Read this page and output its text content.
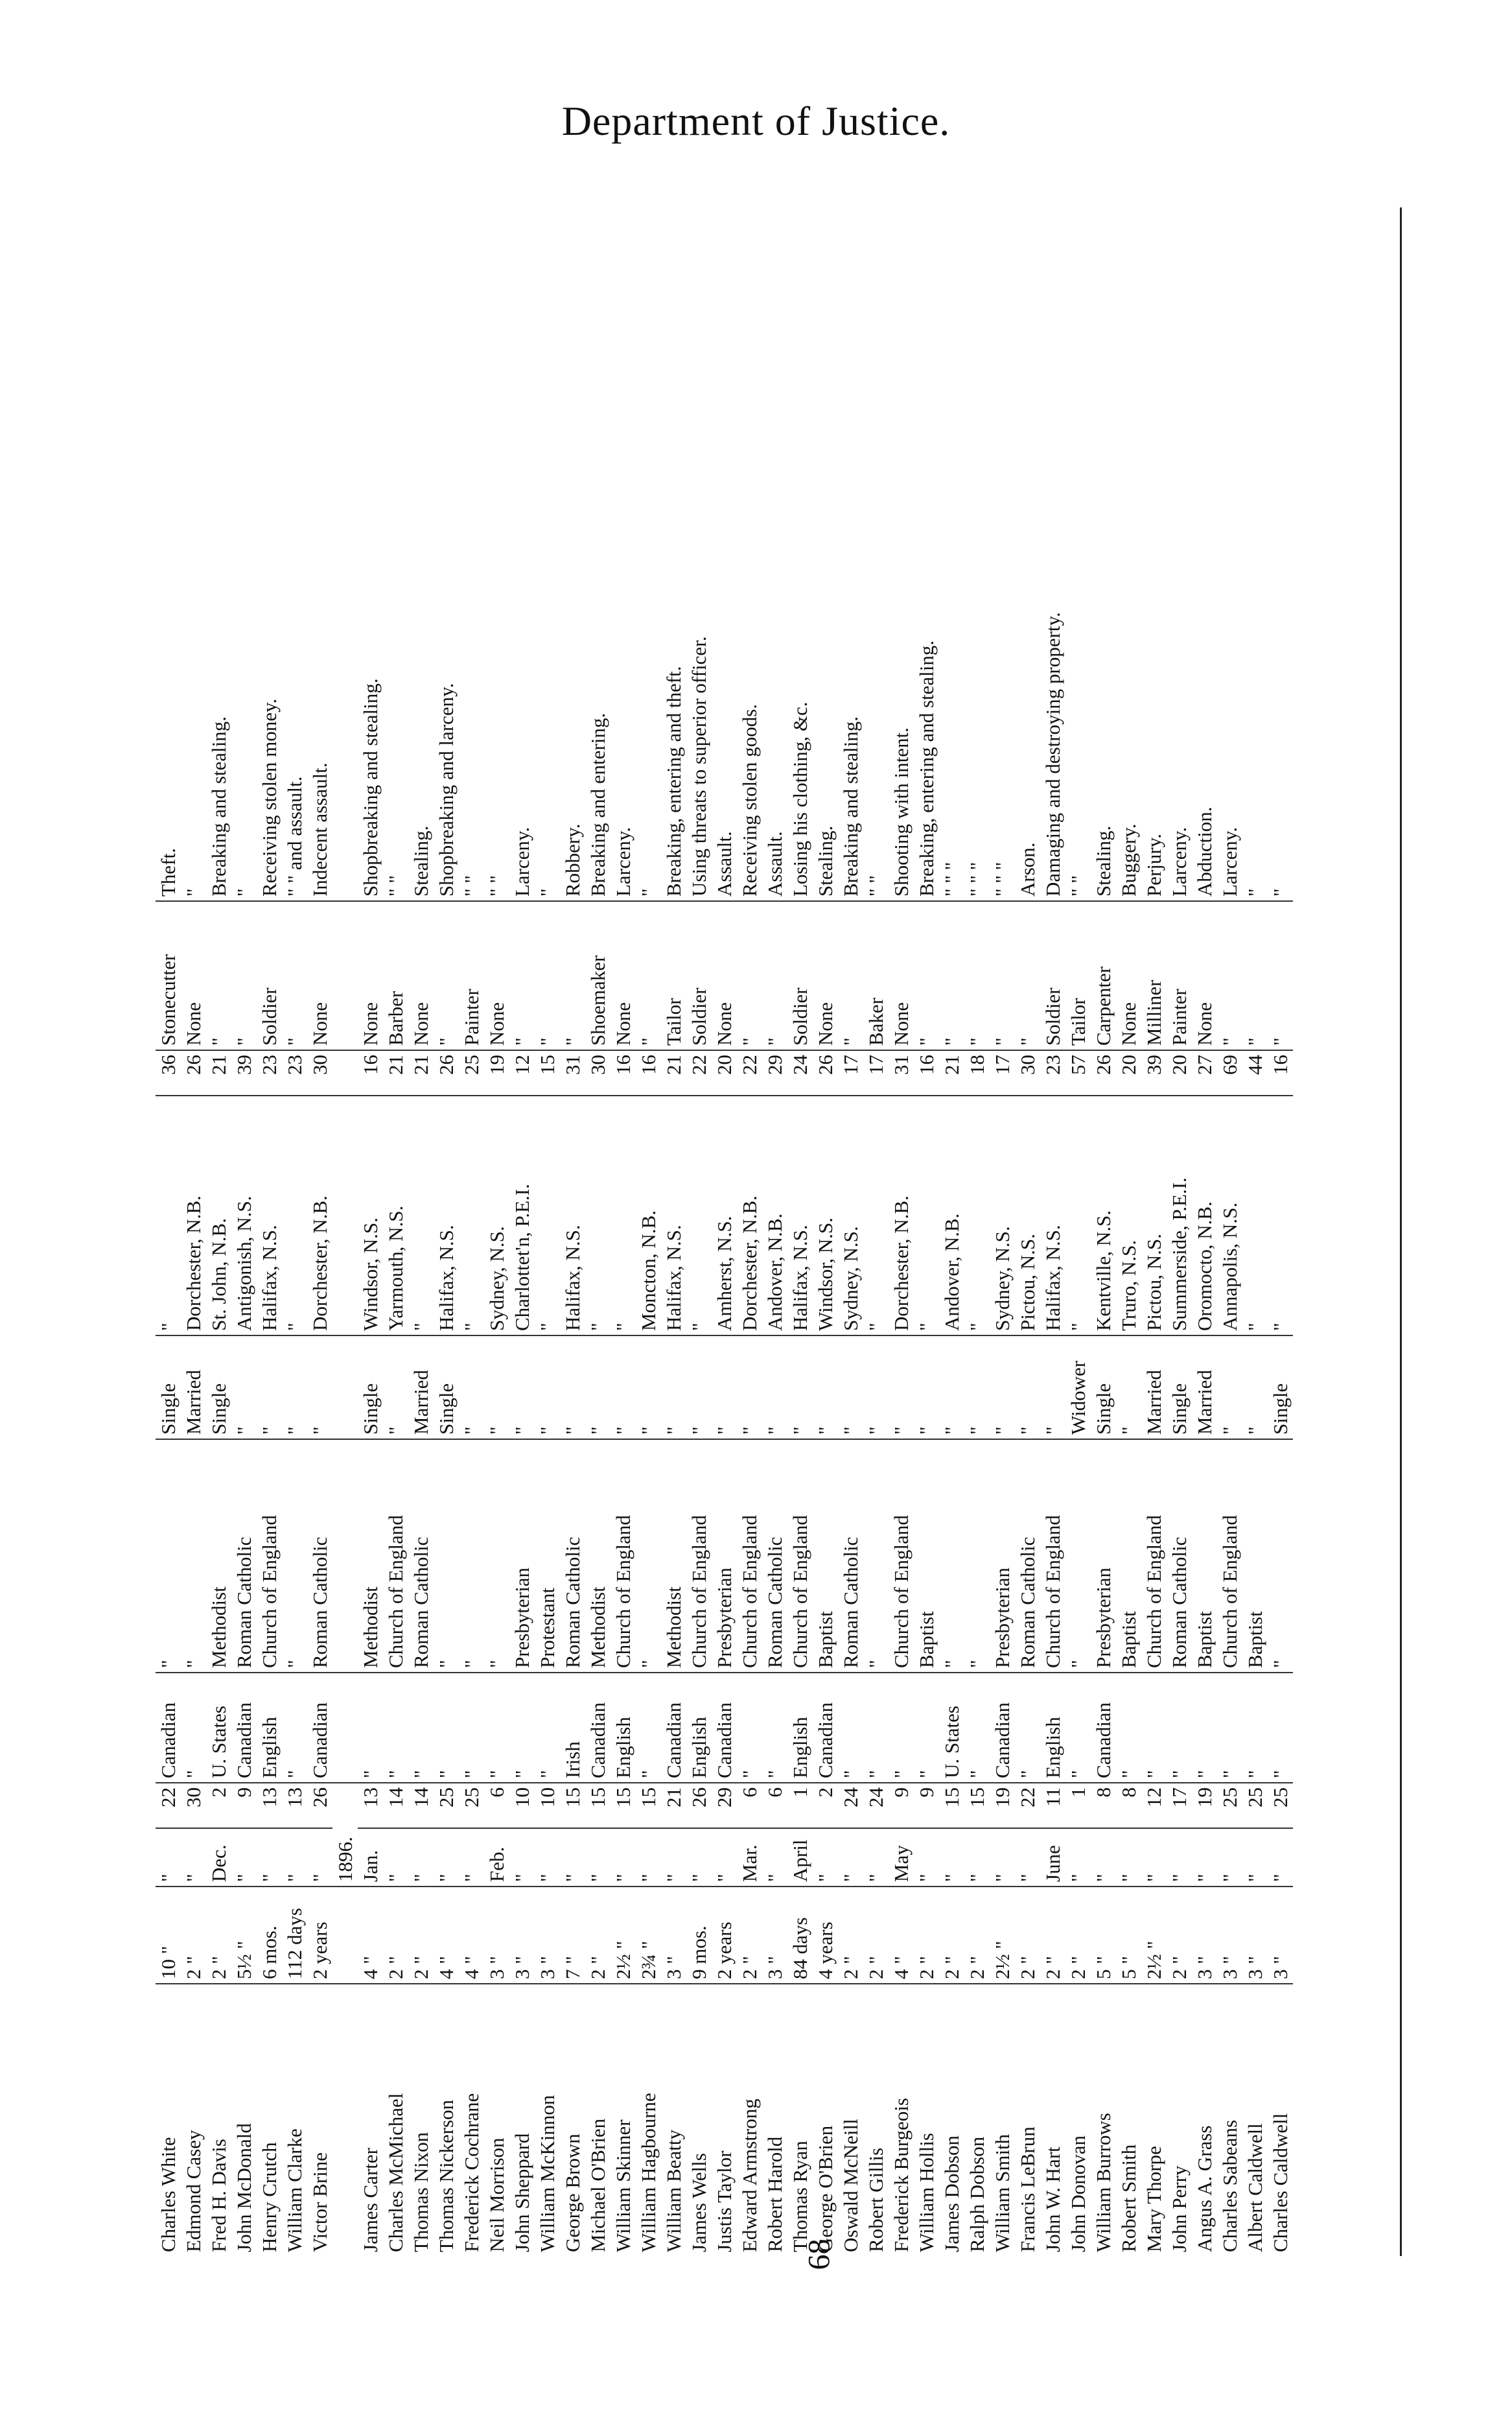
Department of Justice.
Charles White	10 "	"	22	Canadian	"	Single	"	36	Stonecutter	Theft.
Edmond Casey	2 "	"	30	"	"	Married	Dorchester, N.B.	26	None	"
Fred H. Davis	2 "	Dec.	2	U. States	Methodist	Single	St. John, N.B.	21	"	Breaking and stealing.
John McDonald	5½ "	"	9	Canadian	Roman Catholic	"	Antigonish, N.S.	39	"	"
Henry Crutch	6 mos.	"	13	English	Church of England	"	Halifax, N.S.	23	Soldier	Receiving stolen money.
William Clarke	112 days	"	13	"	"	"	"	23	"	" " and assault.
Victor Brine	2 years	"	26	Canadian	Roman Catholic	"	Dorchester, N.B.	30	None	Indecent assault.
		1896.								
James Carter	4 "	Jan.	13	"	Methodist	Single	Windsor, N.S.	16	None	Shopbreaking and stealing.
Charles McMichael	2 "	"	14	"	Church of England	"	Yarmouth, N.S.	21	Barber	" "
Thomas Nixon	2 "	"	14	"	Roman Catholic	Married	"	21	None	Stealing.
Thomas Nickerson	4 "	"	25	"	"	Single	Halifax, N.S.	26	"	Shopbreaking and larceny.
Frederick Cochrane	4 "	"	25	"	"	"	"	25	Painter	" "
Neil Morrison	3 "	Feb.	6	"	"	"	Sydney, N.S.	19	None	" "
John Sheppard	3 "	"	10	"	Presbyterian	"	Charlottet'n, P.E.I.	12	"	Larceny.
William McKinnon	3 "	"	10	"	Protestant	"	"	15	"	"
George Brown	7 "	"	15	Irish	Roman Catholic	"	Halifax, N.S.	31	"	Robbery.
Michael O'Brien	2 "	"	15	Canadian	Methodist	"	"	30	Shoemaker	Breaking and entering.
William Skinner	2½ "	"	15	English	Church of England	"	"	16	None	Larceny.
William Hagbourne	2¾ "	"	15	"	"	"	Moncton, N.B.	16	"	"
William Beatty	3 "	"	21	Canadian	Methodist	"	Halifax, N.S.	21	Tailor	Breaking, entering and theft.
James Wells	9 mos.	"	26	English	Church of England	"	"	22	Soldier	Using threats to superior officer.
Justis Taylor	2 years	"	29	Canadian	Presbyterian	"	Amherst, N.S.	20	None	Assault.
Edward Armstrong	2 "	Mar.	6	"	Church of England	"	Dorchester, N.B.	22	"	Receiving stolen goods.
Robert Harold	3 "	"	6	"	Roman Catholic	"	Andover, N.B.	29	"	Assault.
Thomas Ryan	84 days	April	1	English	Church of England	"	Halifax, N.S.	24	Soldier	Losing his clothing, &c.
George O'Brien	4 years	"	2	Canadian	Baptist	"	Windsor, N.S.	26	None	Stealing.
Oswald McNeill	2 "	"	24	"	Roman Catholic	"	Sydney, N.S.	17	"	Breaking and stealing.
Robert Gillis	2 "	"	24	"	"	"	"	17	Baker	" "
Frederick Burgeois	4 "	May	9	"	Church of England	"	Dorchester, N.B.	31	None	Shooting with intent.
William Hollis	2 "	"	9	"	Baptist	"	"	16	"	Breaking, entering and stealing.
James Dobson	2 "	"	15	U. States	"	"	Andover, N.B.	21	"	" " "
Ralph Dobson	2 "	"	15	"	"	"	"	18	"	" " "
William Smith	2½ "	"	19	Canadian	Presbyterian	"	Sydney, N.S.	17	"	" " "
Francis LeBrun	2 "	"	22	"	Roman Catholic	"	Pictou, N.S.	30	"	Arson.
John W. Hart	2 "	June	11	English	Church of England	"	Halifax, N.S.	23	Soldier	Damaging and destroying property.
John Donovan	2 "	"	1	"	"	Widower	"	57	Tailor	" "
William Burrows	5 "	"	8	Canadian	Presbyterian	Single	Kentville, N.S.	26	Carpenter	Stealing.
Robert Smith	5 "	"	8	"	Baptist	"	Truro, N.S.	20	None	Buggery.
Mary Thorpe	2½ "	"	12	"	Church of England	Married	Pictou, N.S.	39	Milliner	Perjury.
John Perry	2 "	"	17	"	Roman Catholic	Single	Summerside, P.E.I.	20	Painter	Larceny.
Angus A. Grass	3 "	"	19	"	Baptist	Married	Oromocto, N.B.	27	None	Abduction.
Charles Sabeans	3 "	"	25	"	Church of England	"	Annapolis, N.S.	69	"	Larceny.
Albert Caldwell	3 "	"	25	"	Baptist	"	"	44	"	"
Charles Caldwell	3 "	"	25	"	"	Single	"	16	"	"
68
